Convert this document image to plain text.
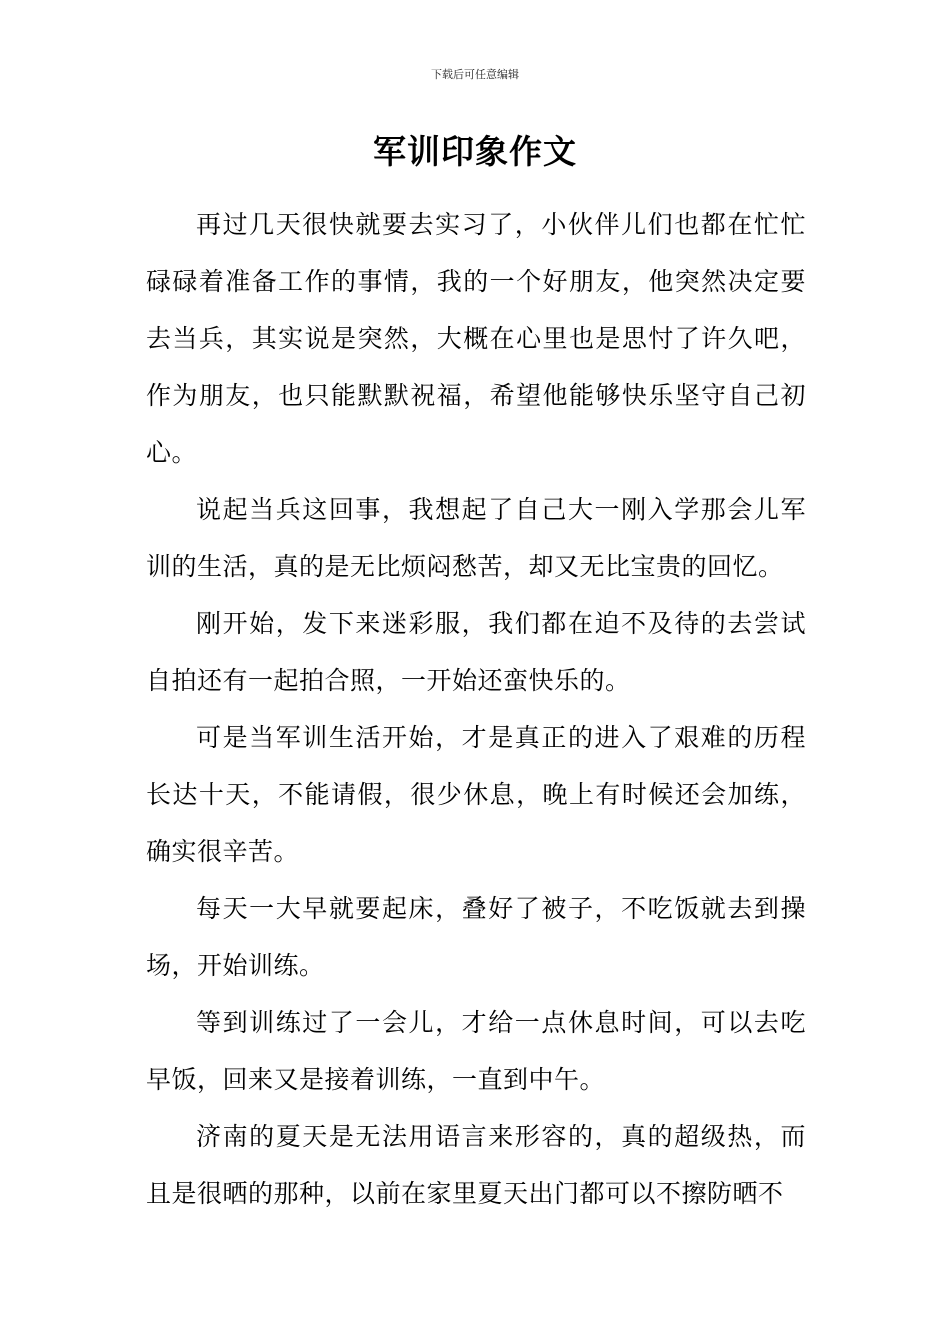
下载后可任意编辑
军训印象作文

再过几天很快就要去实习了，小伙伴儿们也都在忙忙碌碌着准备工作的事情，我的一个好朋友，他突然决定要去当兵，其实说是突然，大概在心里也是思忖了许久吧，作为朋友，也只能默默祝福，希望他能够快乐坚守自己初心。

说起当兵这回事，我想起了自己大一刚入学那会儿军训的生活，真的是无比烦闷愁苦，却又无比宝贵的回忆。

刚开始，发下来迷彩服，我们都在迫不及待的去尝试自拍还有一起拍合照，一开始还蛮快乐的。

可是当军训生活开始，才是真正的进入了艰难的历程长达十天，不能请假，很少休息，晚上有时候还会加练，确实很辛苦。

每天一大早就要起床，叠好了被子，不吃饭就去到操场，开始训练。

等到训练过了一会儿，才给一点休息时间，可以去吃早饭，回来又是接着训练，一直到中午。

济南的夏天是无法用语言来形容的，真的超级热，而且是很晒的那种，以前在家里夏天出门都可以不擦防晒不
